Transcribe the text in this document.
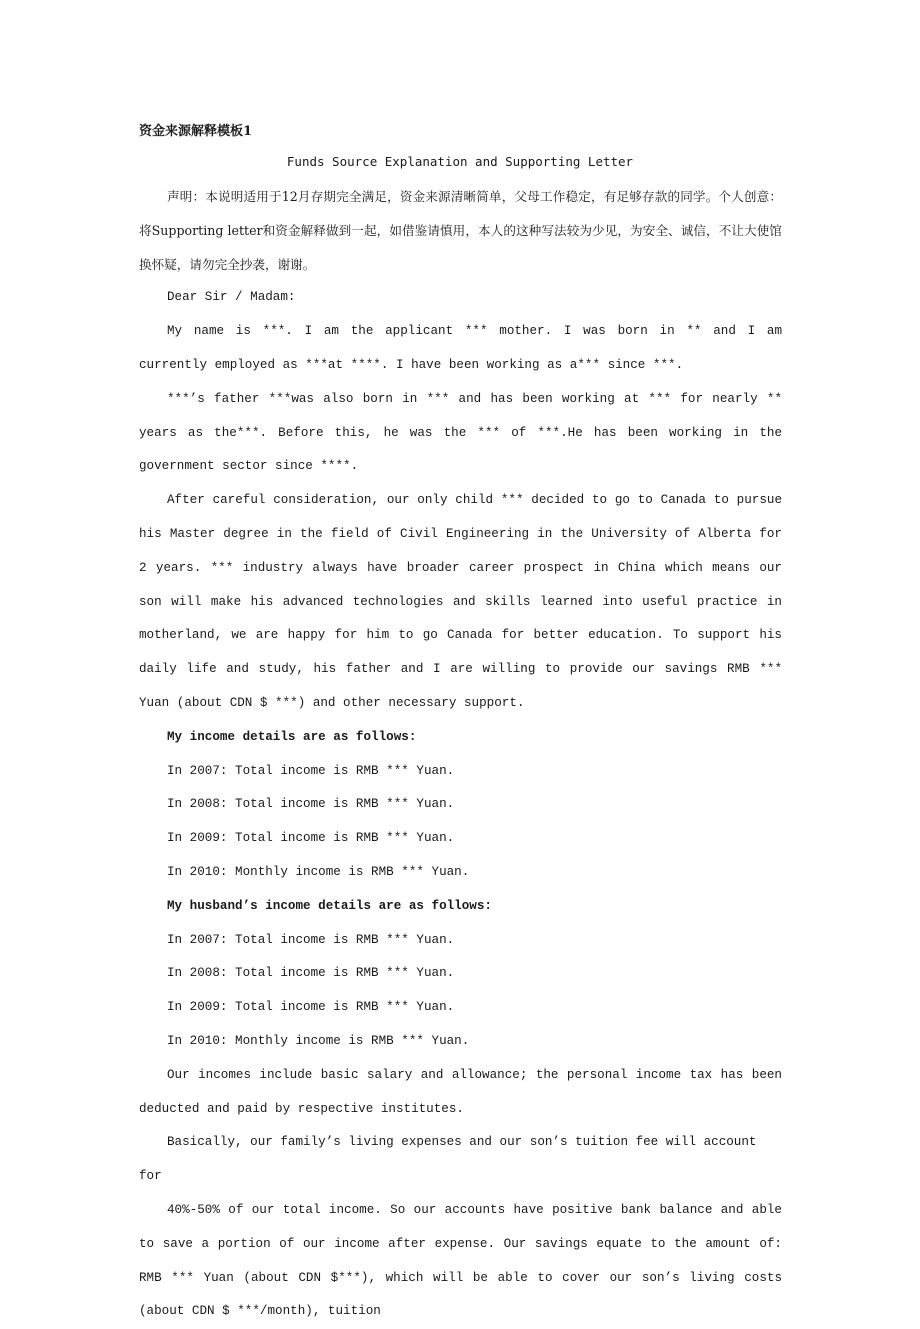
资金来源解释模板1
Funds Source Explanation and Supporting Letter

声明：本说明适用于12月存期完全满足，资金来源清晰简单，父母工作稳定，有足够存款的同学。个人创意：将Supporting letter和资金解释做到一起，如借鉴请慎用，本人的这种写法较为少见，为安全、诚信，不让大使馆换怀疑，请勿完全抄袭，谢谢。

Dear Sir / Madam:

My name is ***. I am the applicant *** mother. I was born in ** and I am currently employed as ***at ****. I have been working as a*** since ***.

***’s father ***was also born in *** and has been working at *** for nearly ** years as the***. Before this, he was the *** of ***.He has been working in the government sector since ****.

After careful consideration, our only child *** decided to go to Canada to pursue his Master degree in the field of Civil Engineering in the University of Alberta for 2 years. *** industry always have broader career prospect in China which means our son will make his advanced technologies and skills learned into useful practice in motherland, we are happy for him to go Canada for better education. To support his daily life and study, his father and I are willing to provide our savings RMB *** Yuan (about CDN $ ***) and other necessary support.

My income details are as follows:

In 2007: Total income is RMB *** Yuan.

In 2008: Total income is RMB *** Yuan.

In 2009: Total income is RMB *** Yuan.

In 2010: Monthly income is RMB *** Yuan.

My husband’s income details are as follows:

In 2007: Total income is RMB *** Yuan.

In 2008: Total income is RMB *** Yuan.

In 2009: Total income is RMB *** Yuan.

In 2010: Monthly income is RMB *** Yuan.

Our incomes include basic salary and allowance; the personal income tax has been deducted and paid by respective institutes.

Basically, our family’s living expenses and our son’s tuition fee will account for

40%-50% of our total income. So our accounts have positive bank balance and able to save a portion of our income after expense. Our savings equate to the amount of: RMB *** Yuan (about CDN $***), which will be able to cover our son’s living costs (about CDN $ ***/month), tuition
